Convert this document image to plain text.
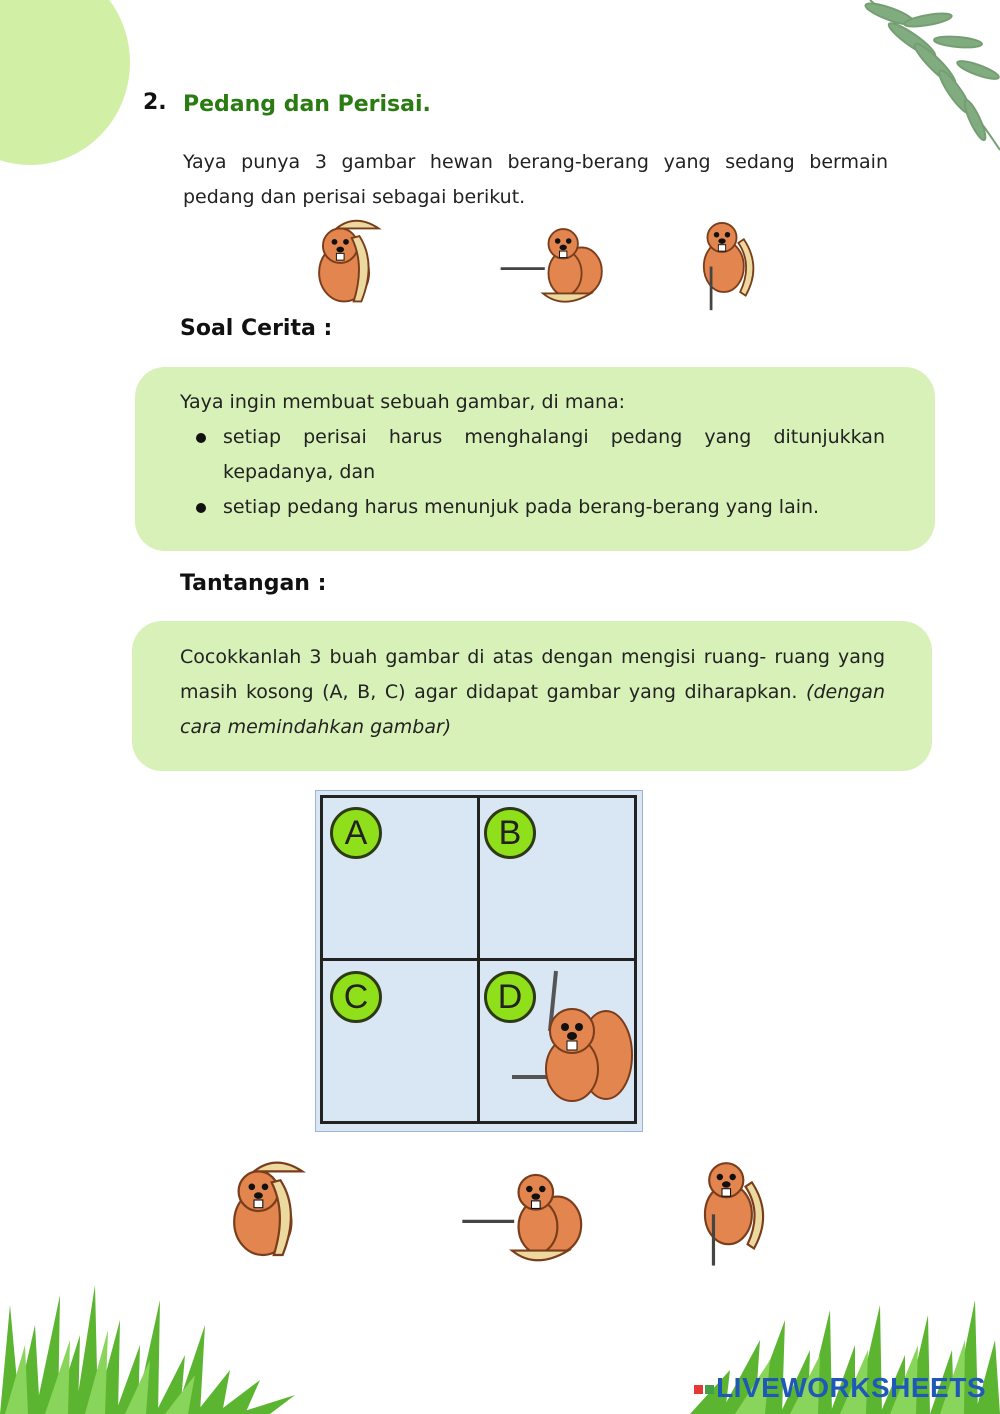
2. Pedang dan Perisai.
Yaya punya 3 gambar hewan berang-berang yang sedang bermain pedang dan perisai sebagai berikut.
Soal Cerita :
Yaya ingin membuat sebuah gambar, di mana:
setiap perisai harus menghalangi pedang yang ditunjukkan kepadanya, dan
setiap pedang harus menunjuk pada berang-berang yang lain.
Tantangan :
Cocokkanlah 3 buah gambar di atas dengan mengisi ruang- ruang yang masih kosong (A, B, C) agar didapat gambar yang diharapkan. (dengan cara memindahkan gambar)
A	B
C	D
LIVEWORKSHEETS
